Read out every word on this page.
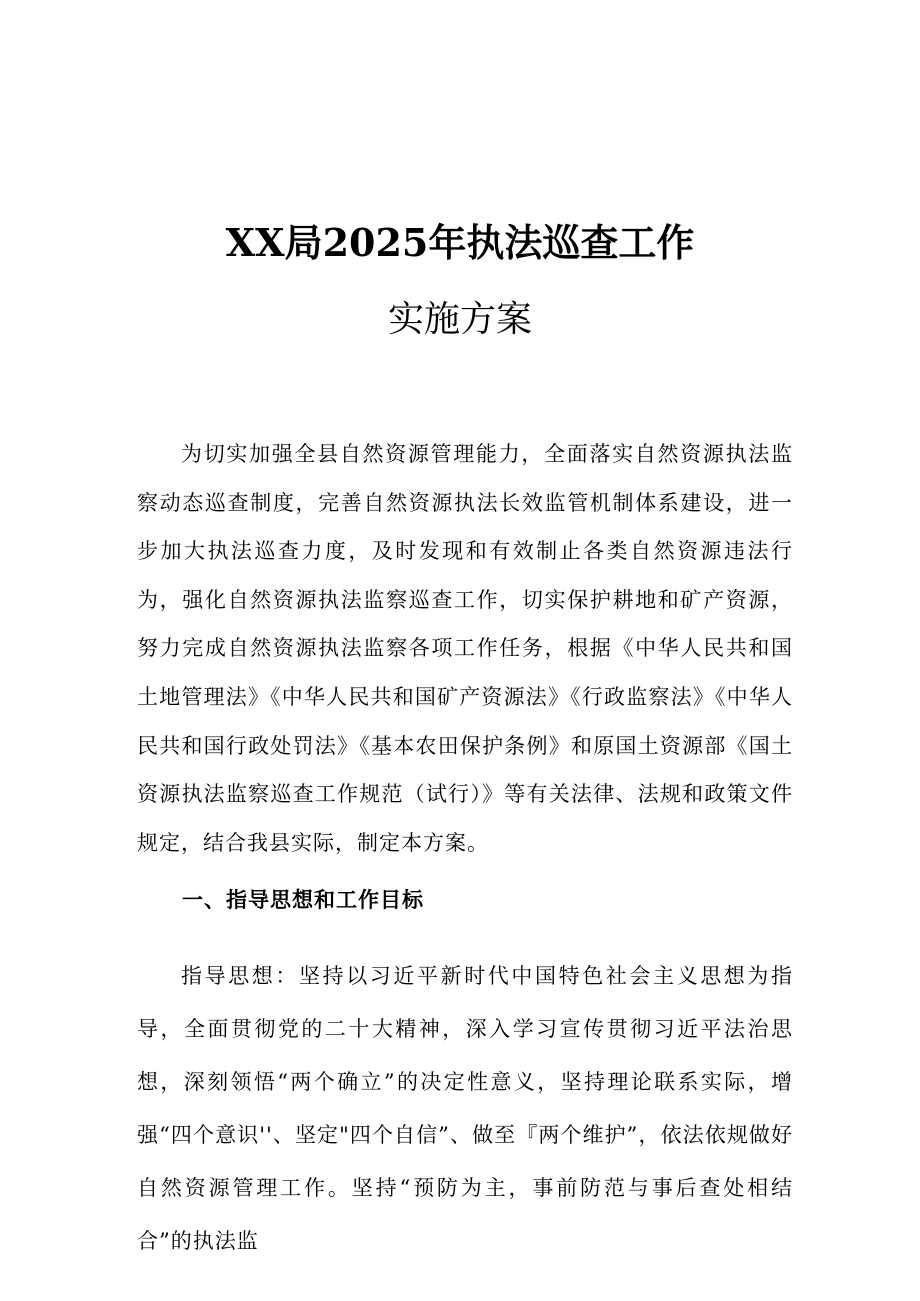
XX局2025年执法巡查工作
实施方案
为切实加强全县自然资源管理能力，全面落实自然资源执法监察动态巡查制度，完善自然资源执法长效监管机制体系建设，进一步加大执法巡查力度，及时发现和有效制止各类自然资源违法行为，强化自然资源执法监察巡查工作，切实保护耕地和矿产资源，努力完成自然资源执法监察各项工作任务，根据《中华人民共和国土地管理法》《中华人民共和国矿产资源法》《行政监察法》《中华人民共和国行政处罚法》《基本农田保护条例》和原国土资源部《国土资源执法监察巡查工作规范（试行）》等有关法律、法规和政策文件规定，结合我县实际，制定本方案。
一、指导思想和工作目标
指导思想：坚持以习近平新时代中国特色社会主义思想为指导，全面贯彻党的二十大精神，深入学习宣传贯彻习近平法治思想，深刻领悟“两个确立”的决定性意义，坚持理论联系实际，增强“四个意识''、坚定"四个自信”、做至『两个维护”，依法依规做好自然资源管理工作。坚持“预防为主，事前防范与事后查处相结合”的执法监
